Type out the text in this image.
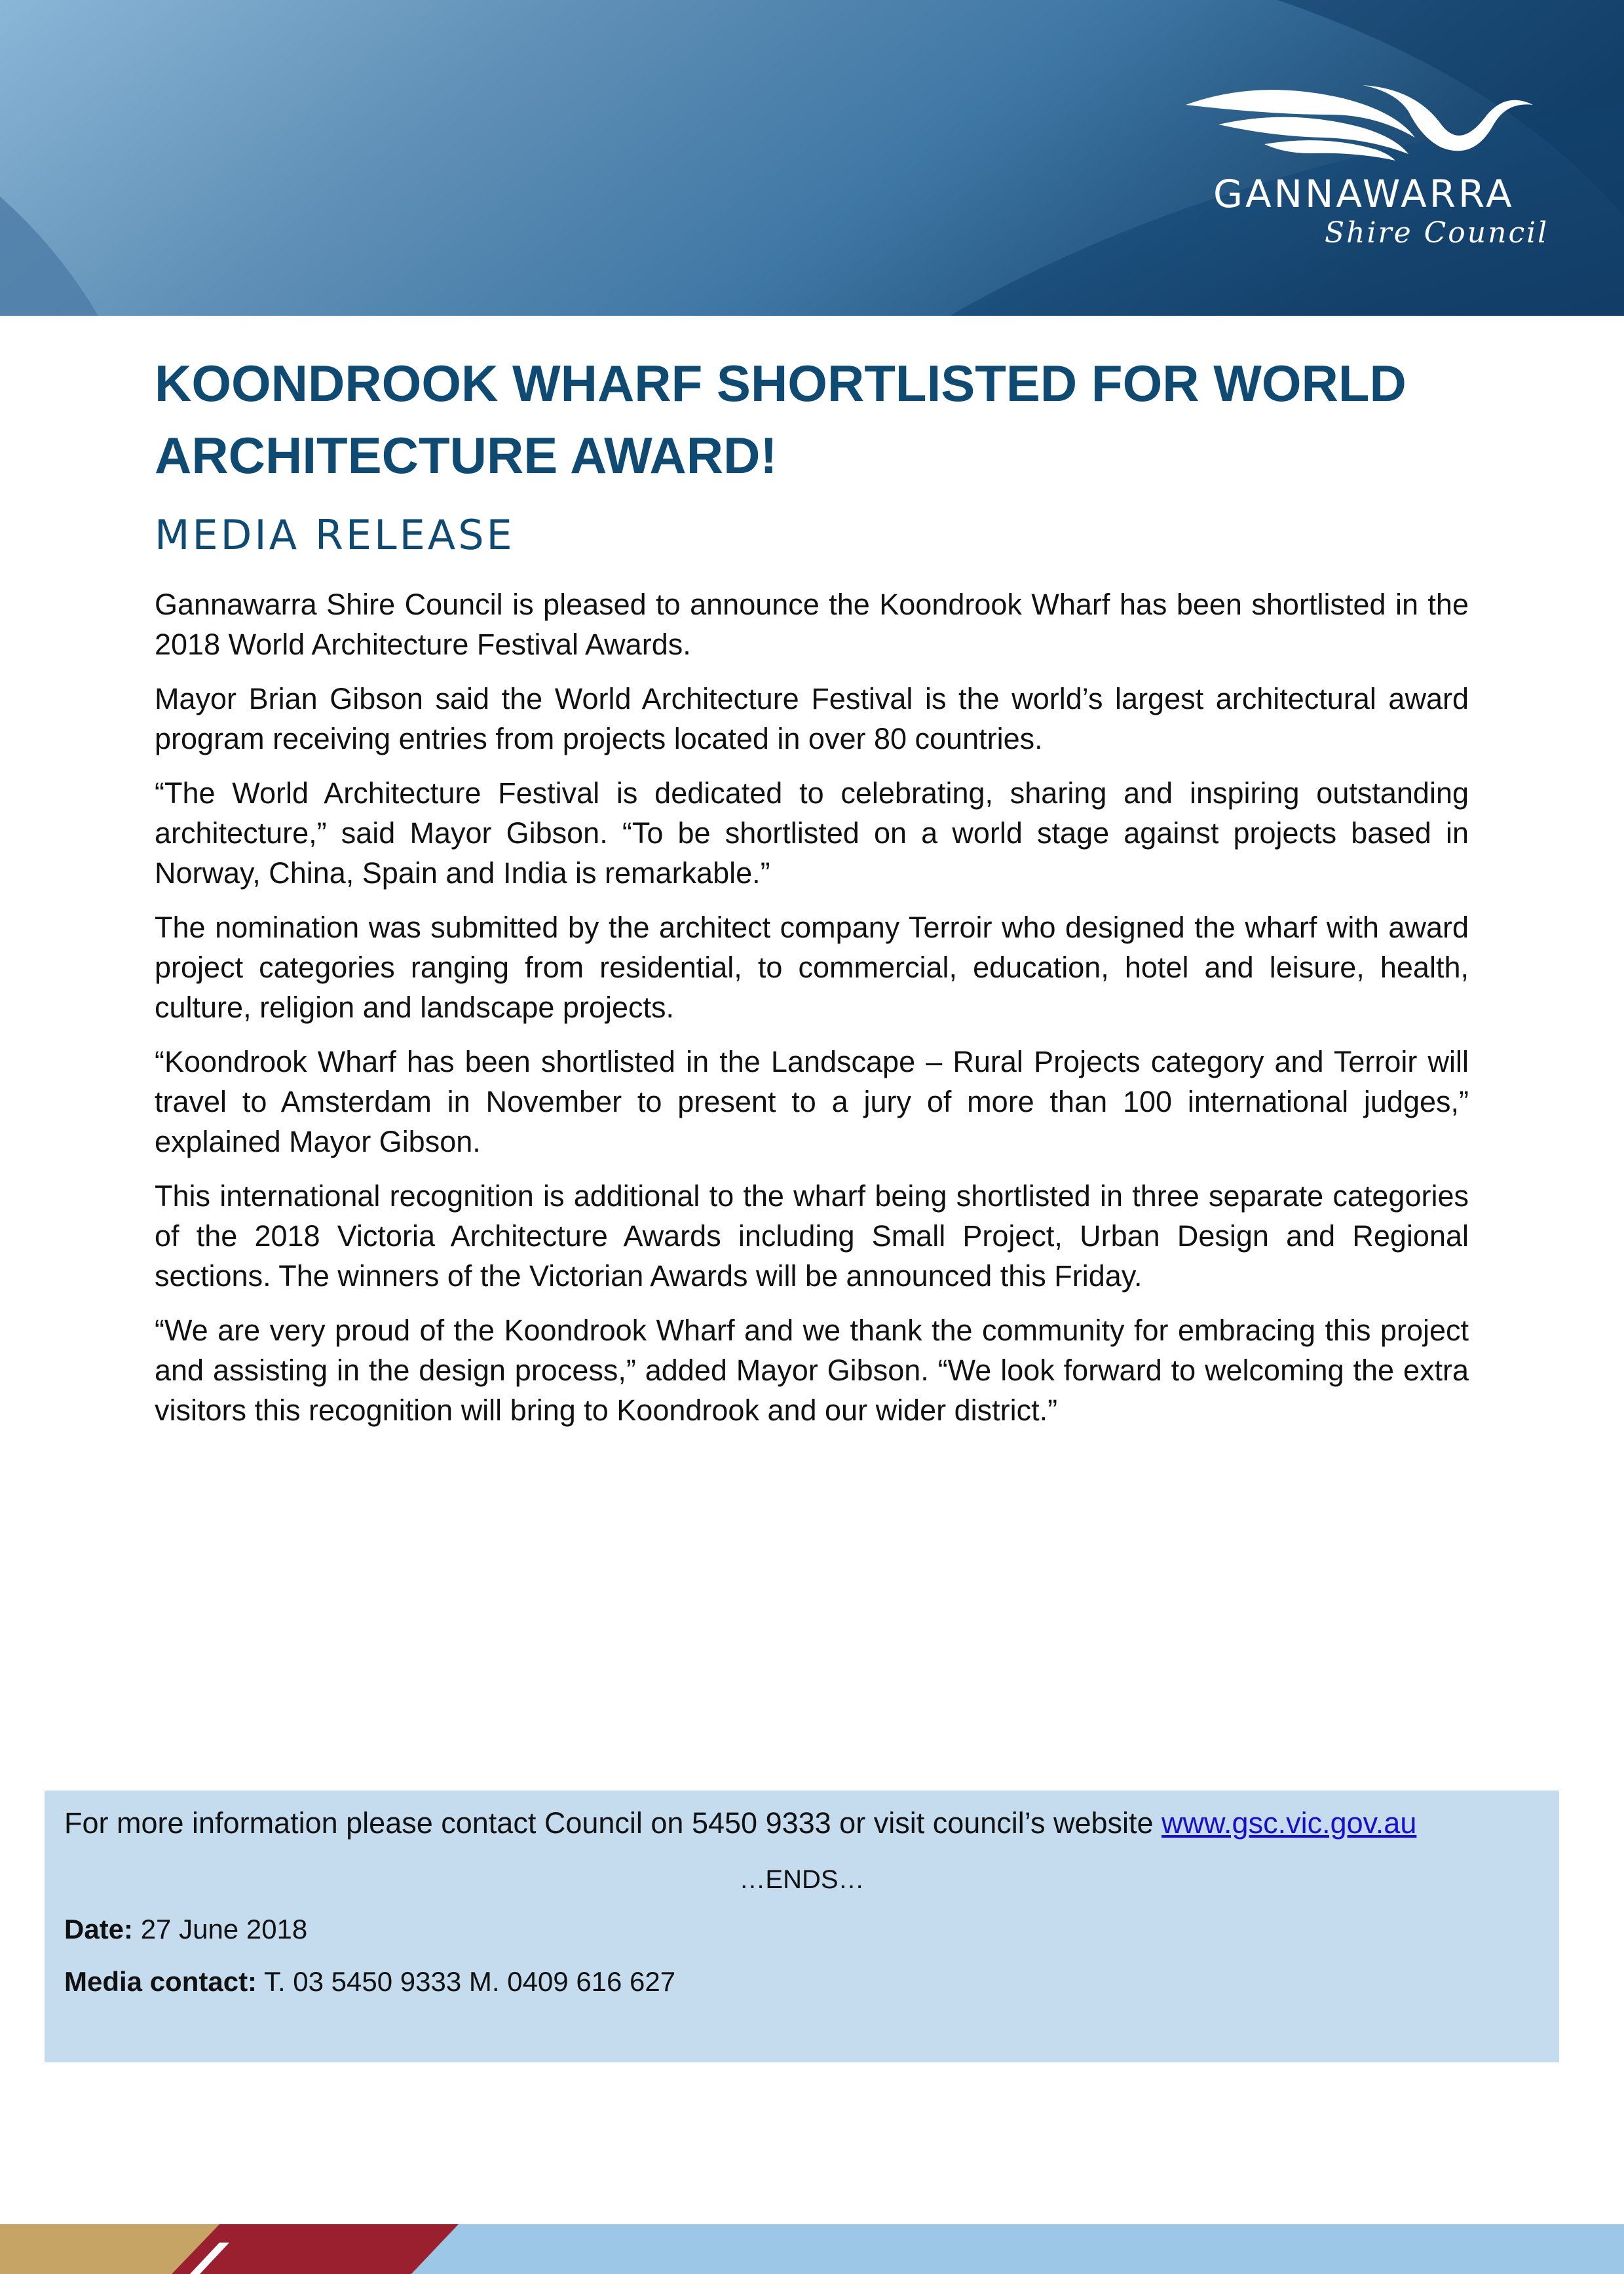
GANNAWARRA
Shire Council
KOONDROOK WHARF SHORTLISTED FOR WORLD ARCHITECTURE AWARD!
MEDIA RELEASE

Gannawarra Shire Council is pleased to announce the Koondrook Wharf has been shortlisted in the 2018 World Architecture Festival Awards.

Mayor Brian Gibson said the World Architecture Festival is the world’s largest architectural award program receiving entries from projects located in over 80 countries.

“The World Architecture Festival is dedicated to celebrating, sharing and inspiring outstanding architecture,” said Mayor Gibson. “To be shortlisted on a world stage against projects based in Norway, China, Spain and India is remarkable.”

The nomination was submitted by the architect company Terroir who designed the wharf with award project categories ranging from residential, to commercial, education, hotel and leisure, health, culture, religion and landscape projects.

“Koondrook Wharf has been shortlisted in the Landscape – Rural Projects category and Terroir will travel to Amsterdam in November to present to a jury of more than 100 international judges,” explained Mayor Gibson.

This international recognition is additional to the wharf being shortlisted in three separate categories of the 2018 Victoria Architecture Awards including Small Project, Urban Design and Regional sections. The winners of the Victorian Awards will be announced this Friday.

“We are very proud of the Koondrook Wharf and we thank the community for embracing this project and assisting in the design process,” added Mayor Gibson. “We look forward to welcoming the extra visitors this recognition will bring to Koondrook and our wider district.”

For more information please contact Council on 5450 9333 or visit council’s website www.gsc.vic.gov.au
…ENDS…
Date: 27 June 2018
Media contact: T. 03 5450 9333 M. 0409 616 627
